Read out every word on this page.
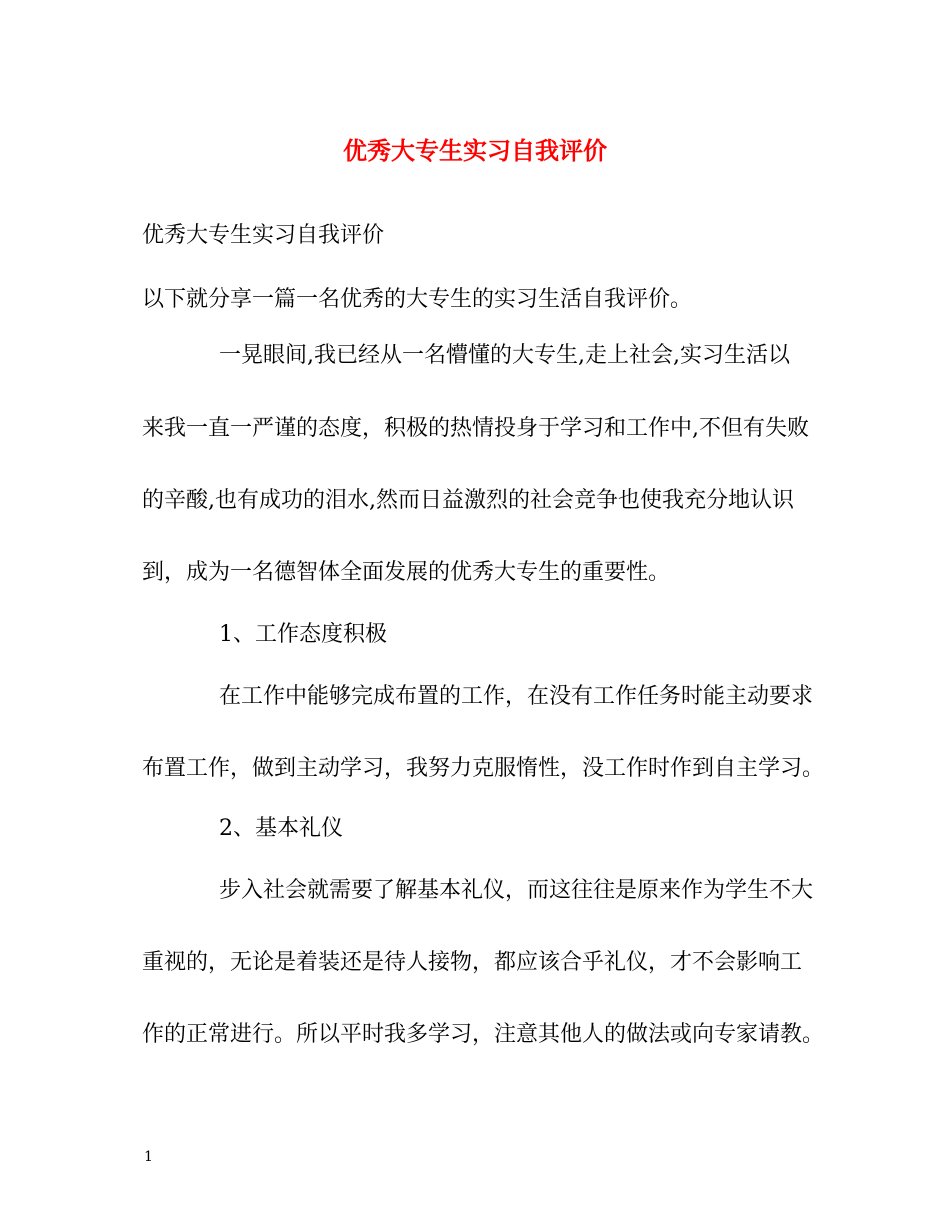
优秀大专生实习自我评价
优秀大专生实习自我评价
以下就分享一篇一名优秀的大专生的实习生活自我评价。
一晃眼间,我已经从一名懵懂的大专生,走上社会,实习生活以
来我一直一严谨的态度，积极的热情投身于学习和工作中,不但有失败
的辛酸,也有成功的泪水,然而日益激烈的社会竞争也使我充分地认识
到，成为一名德智体全面发展的优秀大专生的重要性。
1、工作态度积极
在工作中能够完成布置的工作，在没有工作任务时能主动要求
布置工作，做到主动学习，我努力克服惰性，没工作时作到自主学习。
2、基本礼仪
步入社会就需要了解基本礼仪，而这往往是原来作为学生不大
重视的，无论是着装还是待人接物，都应该合乎礼仪，才不会影响工
作的正常进行。所以平时我多学习，注意其他人的做法或向专家请教。
1
